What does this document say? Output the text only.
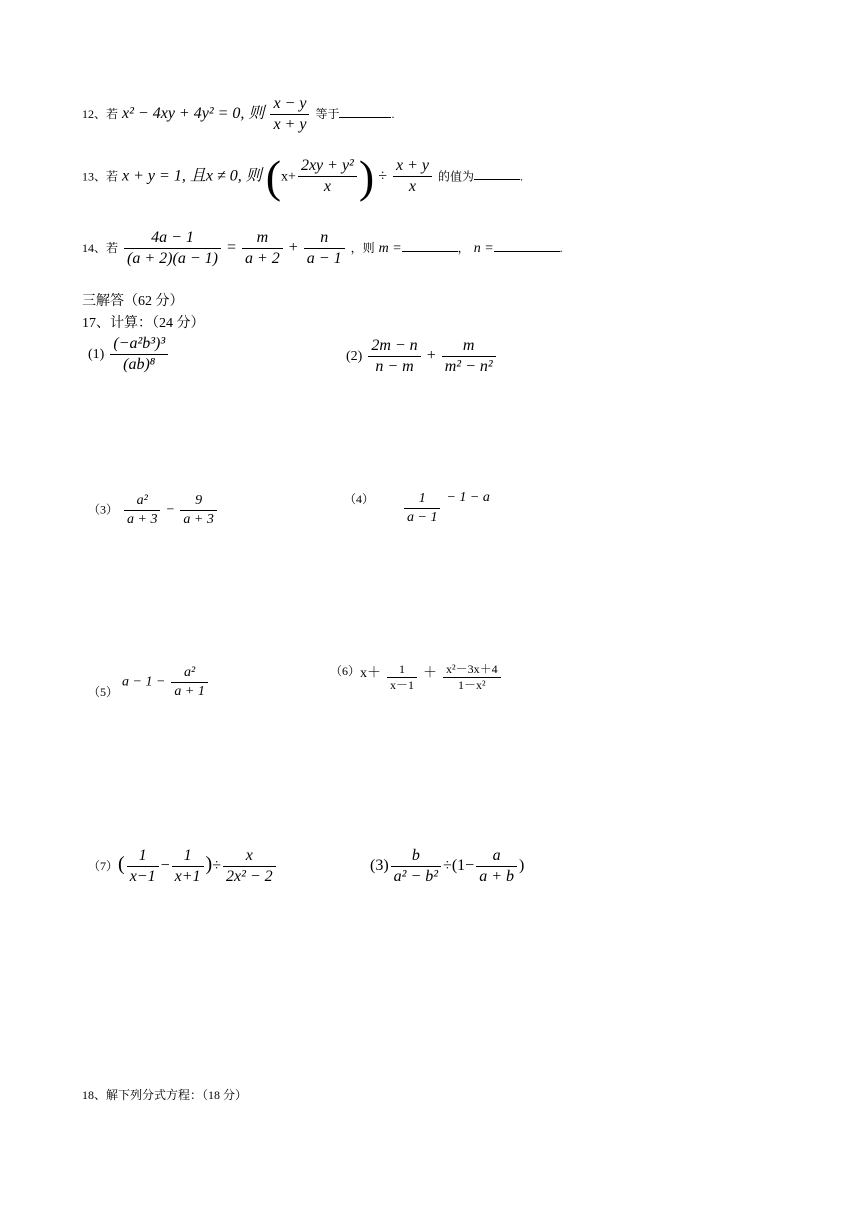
12、若 x² − 4xy + 4y² = 0, 则 $\frac{x - y}{x + y}$ 等于	.
13、若 x + y = 1, 且x ≠ 0, 则 ($x+ \frac{\text{2xy + y²}}{x}$ ) ÷ $\frac{x + y}{x}$ 的值为	.
14、若 $\frac{4a - 1}{(a + 2)(a - 1)} = \frac{m}{a + 2} + \frac{n}{a - 1}$ ，则 m =	， n =	.
三解答（62 分）
17、计算：（24 分）
$(1) \frac{\text{(−a²b³)³}}{\text{(ab)⁸}}$	$(2) \frac{2m - n}{n - m} + \frac{m}{\text{m² − n²}}$
$(3) \frac{\text{a²}}{a + 3} - \frac{9}{a + 3}$	$^{(4)} \frac{1}{a - 1} - 1 - a$
（5） $a - 1 - \frac{\text{a²}}{a + 1}$	$^{(6)}x+ \frac{1}{x-1} + \frac{\text{x²－3x＋4}}{\text{1－x²}}$
$(7)( \frac{1}{x-1} - \frac{1}{x+1}$ )÷ $\frac{x}{\text{2x² − 2}}$	$(3) \frac{b}{\text{a² − b²}} \div(1- \frac{a}{a + b}$ )
18、解下列分式方程：（18 分）
